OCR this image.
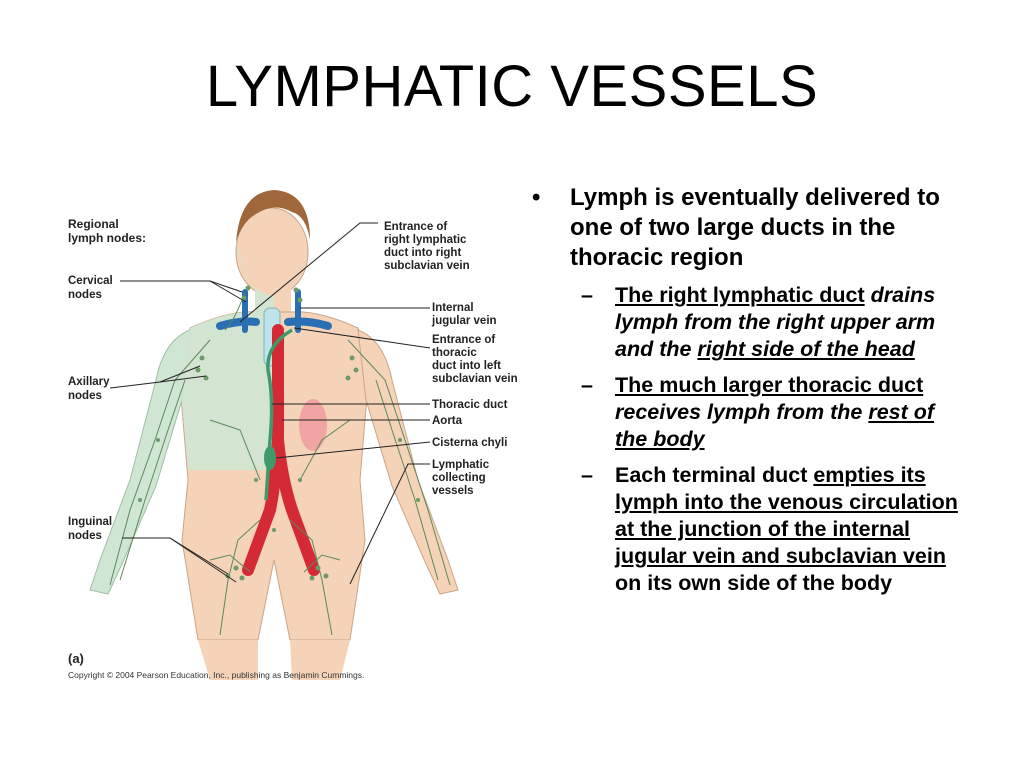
LYMPHATIC VESSELS
Regional
lymph nodes:
Cervical
nodes
Axillary
nodes
Inguinal
nodes
Entrance of
right lymphatic
duct into right
subclavian vein
Internal
jugular vein
Entrance of
thoracic
duct into left
subclavian vein
Thoracic duct
Aorta
Cisterna chyli
Lymphatic
collecting
vessels
(a)
Copyright © 2004 Pearson Education, Inc., publishing as Benjamin Cummings.
•	Lymph is eventually delivered to one of two large ducts in the thoracic region
– The right lymphatic duct drains lymph from the right upper arm and the right side of the head
– The much larger thoracic duct receives lymph from the rest of the body
– Each terminal duct empties its lymph into the venous circulation at the junction of the internal jugular vein and subclavian vein on its own side of the body
